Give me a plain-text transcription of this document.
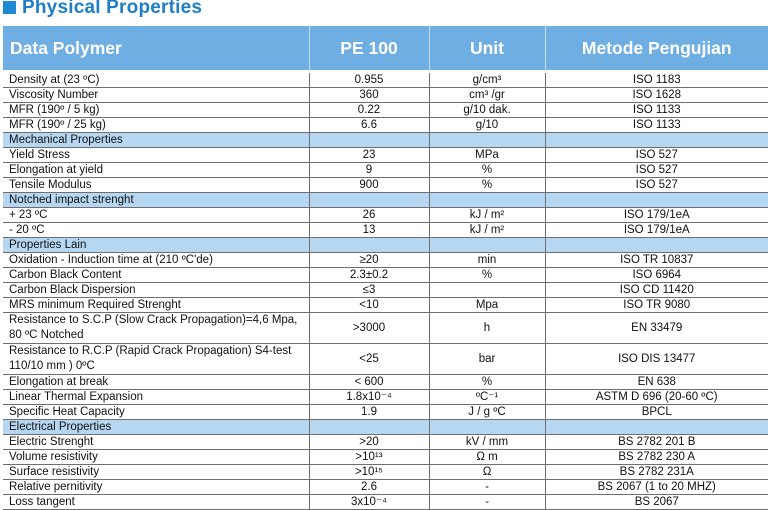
Physical Properties
Data Polymer	PE 100	Unit	Metode Pengujian

Density at (23 ºC)	0.955	g/cm³	ISO 1183
Viscosity Number	360	cm³ /gr	ISO 1628
MFR (190º / 5 kg)	0.22	g/10 dak.	ISO 1133
MFR (190º / 25 kg)	6.6	g/10	ISO 1133
Mechanical Properties			
Yield Stress	23	MPa	ISO 527
Elongation at yield	9	%	ISO 527
Tensile Modulus	900	%	ISO 527
Notched impact strenght			
+ 23 ºC	26	kJ / m²	ISO 179/1eA
- 20 ºC	13	kJ / m²	ISO 179/1eA
Properties Lain			
Oxidation - Induction time at (210 ºC'de)	≥20	min	ISO TR 10837
Carbon Black Content	2.3±0.2	%	ISO 6964
Carbon Black Dispersion	≤3		ISO CD 11420
MRS minimum Required Strenght	<10	Mpa	ISO TR 9080
Resistance to S.C.P (Slow Crack Propagation)=4,6 Mpa, 80 ºC Notched	>3000	h	EN 33479
Resistance to R.C.P (Rapid Crack Propagation) S4-test 110/10 mm ) 0ºC	<25	bar	ISO DIS 13477
Elongation at break	< 600	%	EN 638
Linear Thermal Expansion	1.8x10⁻⁴	ºC⁻¹	ASTM D 696 (20-60 ºC)
Specific Heat Capacity	1.9	J / g ºC	BPCL
Electrical Properties			
Electric Strenght	>20	kV / mm	BS 2782 201 B
Volume resistivity	>10¹³	Ω m	BS 2782 230 A
Surface resistivity	>10¹⁵	Ω	BS 2782 231A
Relative pernitivity	2.6	-	BS 2067 (1 to 20 MHZ)
Loss tangent	3x10⁻⁴	-	BS 2067
